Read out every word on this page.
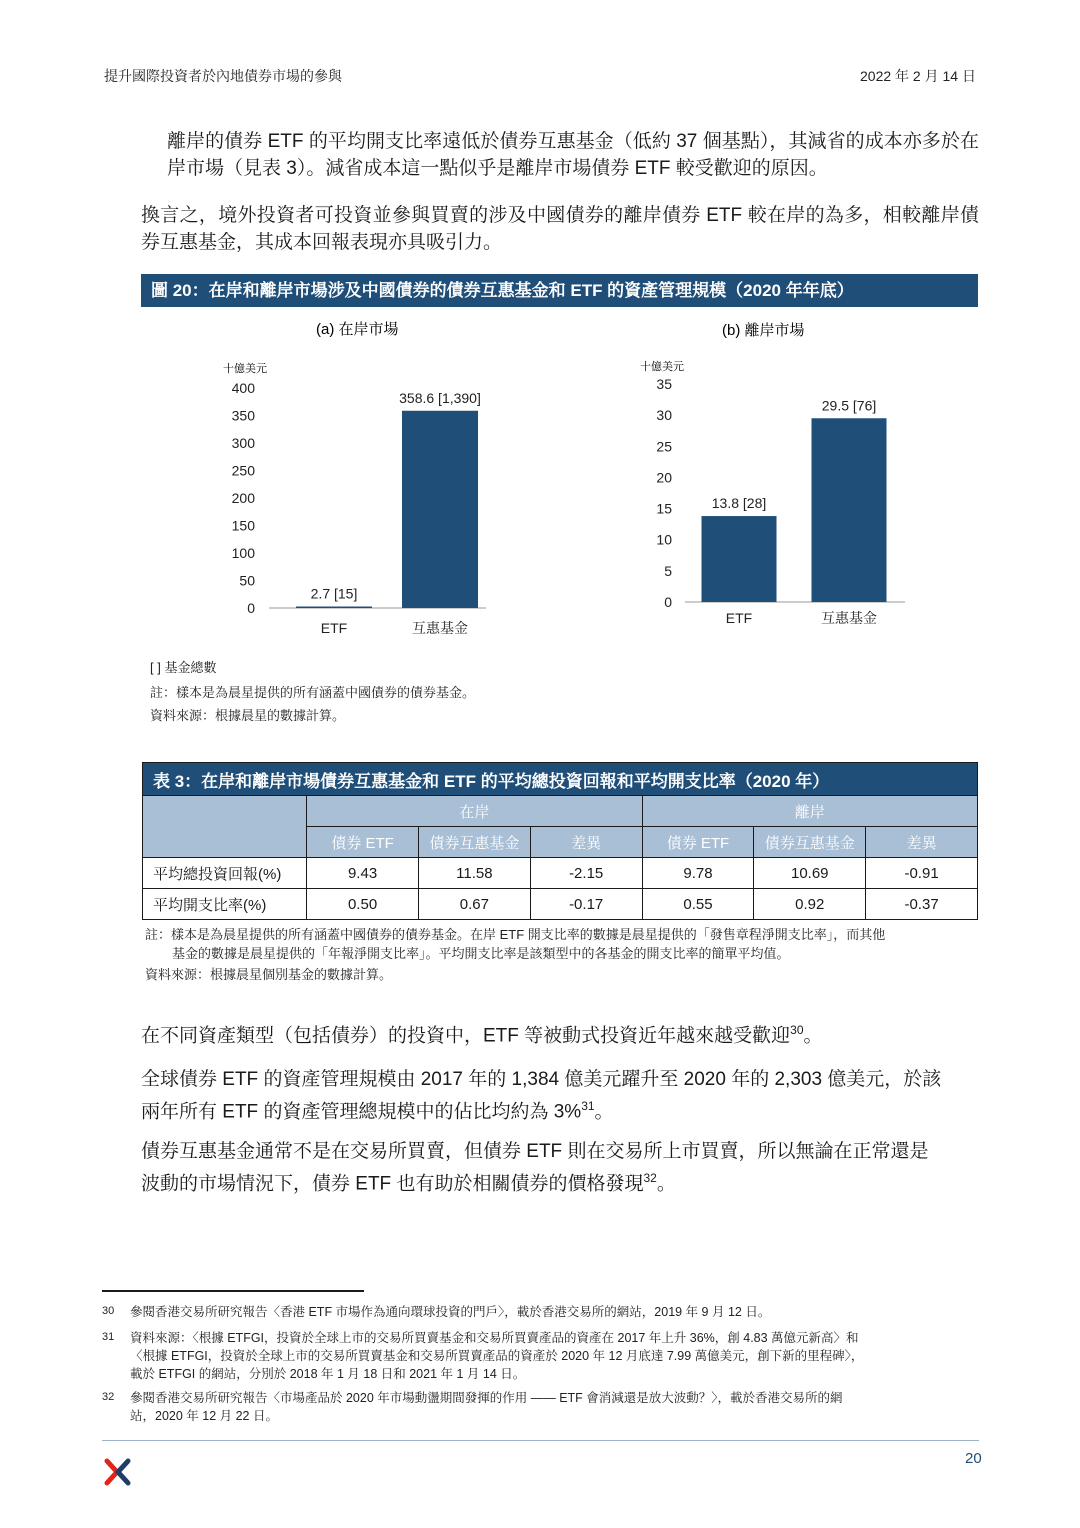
提升國際投資者於內地債券市場的參與	2022 年 2 月 14 日
離岸的債券 ETF 的平均開支比率遠低於債券互惠基金（低約 37 個基點），其減省的成本亦多於在岸市場（見表 3）。減省成本這一點似乎是離岸市場債券 ETF 較受歡迎的原因。
換言之，境外投資者可投資並參與買賣的涉及中國債券的離岸債券 ETF 較在岸的為多，相較離岸債券互惠基金，其成本回報表現亦具吸引力。
圖 20：在岸和離岸市場涉及中國債券的債券互惠基金和 ETF 的資產管理規模（2020 年年底）
(a) 在岸市場
十億美元
0
50
100
150
200
250
300
350
400
2.7 [15]
ETF
358.6 [1,390]
互惠基金
(b) 離岸市場
十億美元
0
5
10
15
20
25
30
35
13.8 [28]
ETF
29.5 [76]
互惠基金
[ ] 基金總數
註：樣本是為晨星提供的所有涵蓋中國債券的債券基金。
資料來源：根據晨星的數據計算。
表 3：在岸和離岸市場債券互惠基金和 ETF 的平均總投資回報和平均開支比率（2020 年）						
	在岸			離岸		
	債券 ETF	債券互惠基金	差異	債券 ETF	債券互惠基金	差異
平均總投資回報(%)	9.43	11.58	-2.15	9.78	10.69	-0.91
平均開支比率(%)	0.50	0.67	-0.17	0.55	0.92	-0.37
註：樣本是為晨星提供的所有涵蓋中國債券的債券基金。在岸 ETF 開支比率的數據是晨星提供的「發售章程淨開支比率」，而其他
基金的數據是晨星提供的「年報淨開支比率」。平均開支比率是該類型中的各基金的開支比率的簡單平均值。
資料來源：根據晨星個別基金的數據計算。
在不同資產類型（包括債券）的投資中，ETF 等被動式投資近年越來越受歡迎$^{30}$。
全球債券 ETF 的資產管理規模由 2017 年的 1,384 億美元躍升至 2020 年的 2,303 億美元，於該
兩年所有 ETF 的資產管理總規模中的佔比均約為 3%$^{31}$。
債券互惠基金通常不是在交易所買賣，但債券 ETF 則在交易所上市買賣，所以無論在正常還是
波動的市場情況下，債券 ETF 也有助於相關債券的價格發現$^{32}$。
30 參閱香港交易所研究報告〈香港 ETF 市場作為通向環球投資的門戶〉，載於香港交易所的網站，2019 年 9 月 12 日。
31 資料來源：〈根據 ETFGI，投資於全球上市的交易所買賣基金和交易所買賣產品的資產在 2017 年上升 36%，創 4.83 萬億元新高〉和
〈根據 ETFGI，投資於全球上市的交易所買賣基金和交易所買賣產品的資產於 2020 年 12 月底達 7.99 萬億美元，創下新的里程碑〉，
載於 ETFGI 的網站，分別於 2018 年 1 月 18 日和 2021 年 1 月 14 日。
32 參閱香港交易所研究報告〈市場產品於 2020 年市場動盪期間發揮的作用 —— ETF 會消減還是放大波動？〉，載於香港交易所的網
站，2020 年 12 月 22 日。
20
